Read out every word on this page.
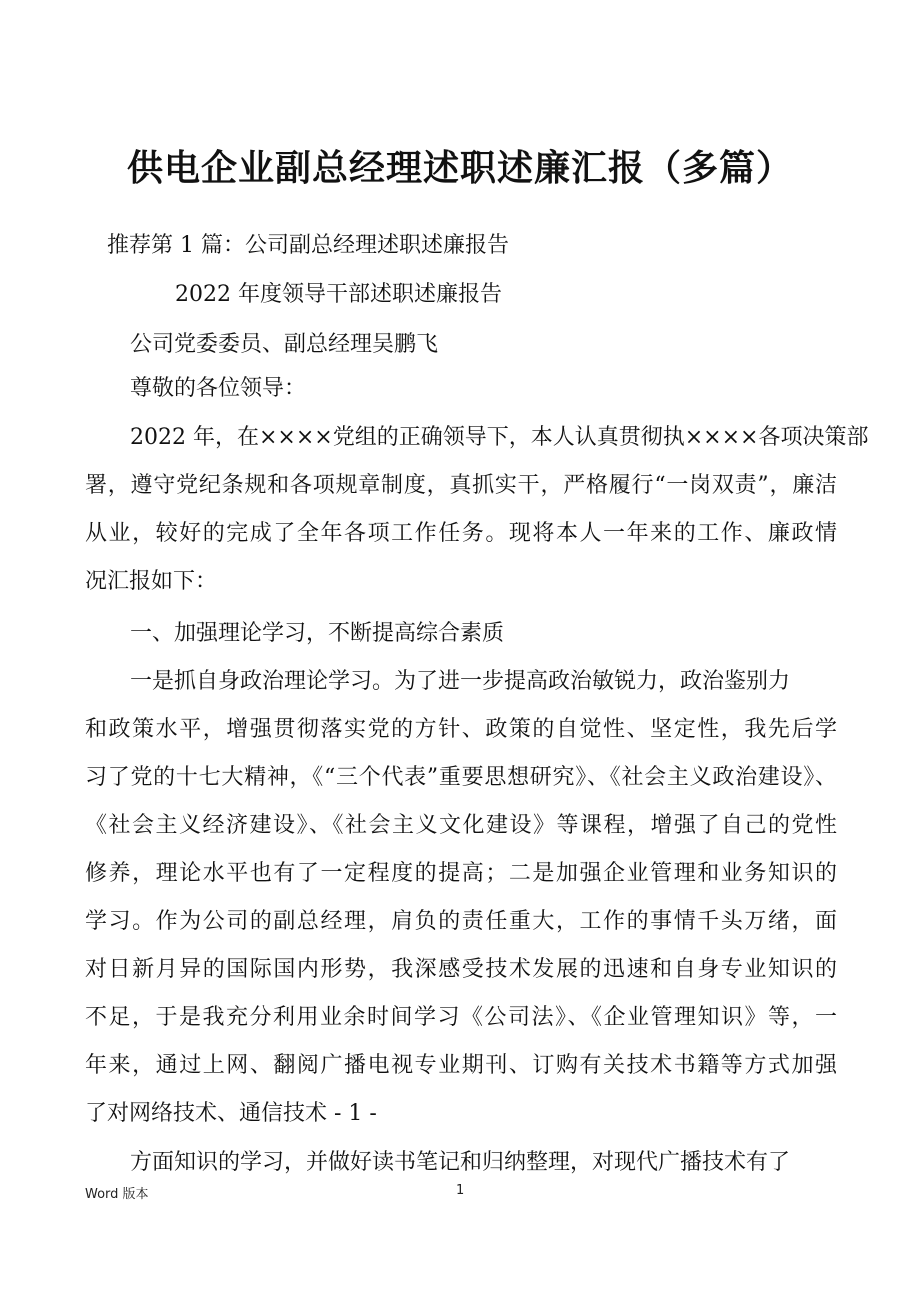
供电企业副总经理述职述廉汇报（多篇）
推荐第 1 篇：公司副总经理述职述廉报告
2022 年度领导干部述职述廉报告
公司党委委员、副总经理吴鹏飞
尊敬的各位领导：
2022 年，在××××党组的正确领导下，本人认真贯彻执××××各项决策部
署，遵守党纪条规和各项规章制度，真抓实干，严格履行“一岗双责”，廉洁
从业，较好的完成了全年各项工作任务。现将本人一年来的工作、廉政情
况汇报如下：
一、加强理论学习，不断提高综合素质
一是抓自身政治理论学习。为了进一步提高政治敏锐力，政治鉴别力
和政策水平，增强贯彻落实党的方针、政策的自觉性、坚定性，我先后学
习了党的十七大精神，《“三个代表”重要思想研究》、《社会主义政治建设》、
《社会主义经济建设》、《社会主义文化建设》等课程，增强了自己的党性
修养，理论水平也有了一定程度的提高；二是加强企业管理和业务知识的
学习。作为公司的副总经理，肩负的责任重大，工作的事情千头万绪，面
对日新月异的国际国内形势，我深感受技术发展的迅速和自身专业知识的
不足，于是我充分利用业余时间学习《公司法》、《企业管理知识》等，一
年来，通过上网、翻阅广播电视专业期刊、订购有关技术书籍等方式加强
了对网络技术、通信技术 - 1 -
方面知识的学习，并做好读书笔记和归纳整理，对现代广播技术有了
Word 版本	1
